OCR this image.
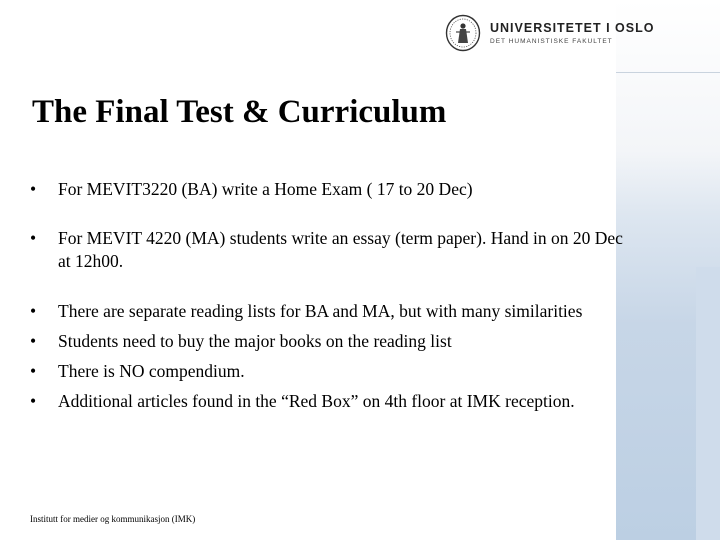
UNIVERSITETET I OSLO
DET HUMANISTISKE FAKULTET
The Final Test & Curriculum
• For MEVIT3220 (BA) write a Home Exam ( 17 to 20 Dec)
• For MEVIT 4220 (MA) students write an essay (term paper). Hand in on 20 Dec at 12h00.
• There are separate reading lists for BA and MA, but with many similarities
• Students need to buy the major books on the reading list
• There is NO compendium.
• Additional articles found in the “Red Box” on 4th floor at IMK reception.
Institutt for medier og kommunikasjon (IMK)
